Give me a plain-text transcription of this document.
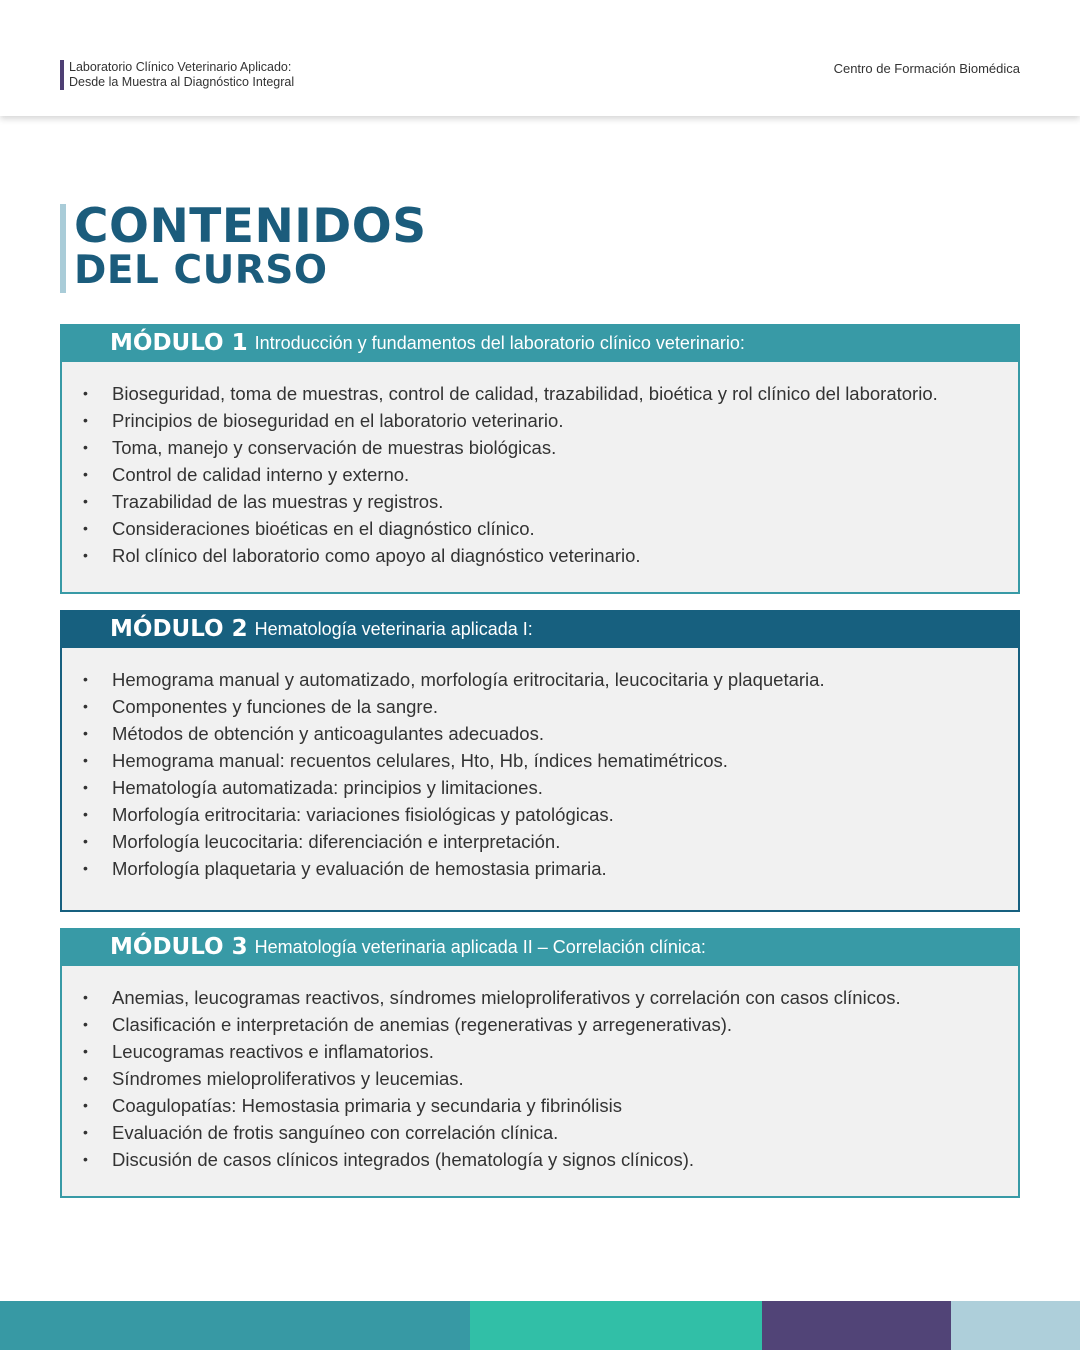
Laboratorio Clínico Veterinario Aplicado:
Desde la Muestra al Diagnóstico Integral
Centro de Formación Biomédica
CONTENIDOS
DEL CURSO
MÓDULO 1 Introducción y fundamentos del laboratorio clínico veterinario:
• Bioseguridad, toma de muestras, control de calidad, trazabilidad, bioética y rol clínico del laboratorio.
• Principios de bioseguridad en el laboratorio veterinario.
• Toma, manejo y conservación de muestras biológicas.
• Control de calidad interno y externo.
• Trazabilidad de las muestras y registros.
• Consideraciones bioéticas en el diagnóstico clínico.
• Rol clínico del laboratorio como apoyo al diagnóstico veterinario.
MÓDULO 2 Hematología veterinaria aplicada I:
• Hemograma manual y automatizado, morfología eritrocitaria, leucocitaria y plaquetaria.
• Componentes y funciones de la sangre.
• Métodos de obtención y anticoagulantes adecuados.
• Hemograma manual: recuentos celulares, Hto, Hb, índices hematimétricos.
• Hematología automatizada: principios y limitaciones.
• Morfología eritrocitaria: variaciones fisiológicas y patológicas.
• Morfología leucocitaria: diferenciación e interpretación.
• Morfología plaquetaria y evaluación de hemostasia primaria.
MÓDULO 3 Hematología veterinaria aplicada II – Correlación clínica:
• Anemias, leucogramas reactivos, síndromes mieloproliferativos y correlación con casos clínicos.
• Clasificación e interpretación de anemias (regenerativas y arregenerativas).
• Leucogramas reactivos e inflamatorios.
• Síndromes mieloproliferativos y leucemias.
• Coagulopatías: Hemostasia primaria y secundaria y fibrinólisis
• Evaluación de frotis sanguíneo con correlación clínica.
• Discusión de casos clínicos integrados (hematología y signos clínicos).
